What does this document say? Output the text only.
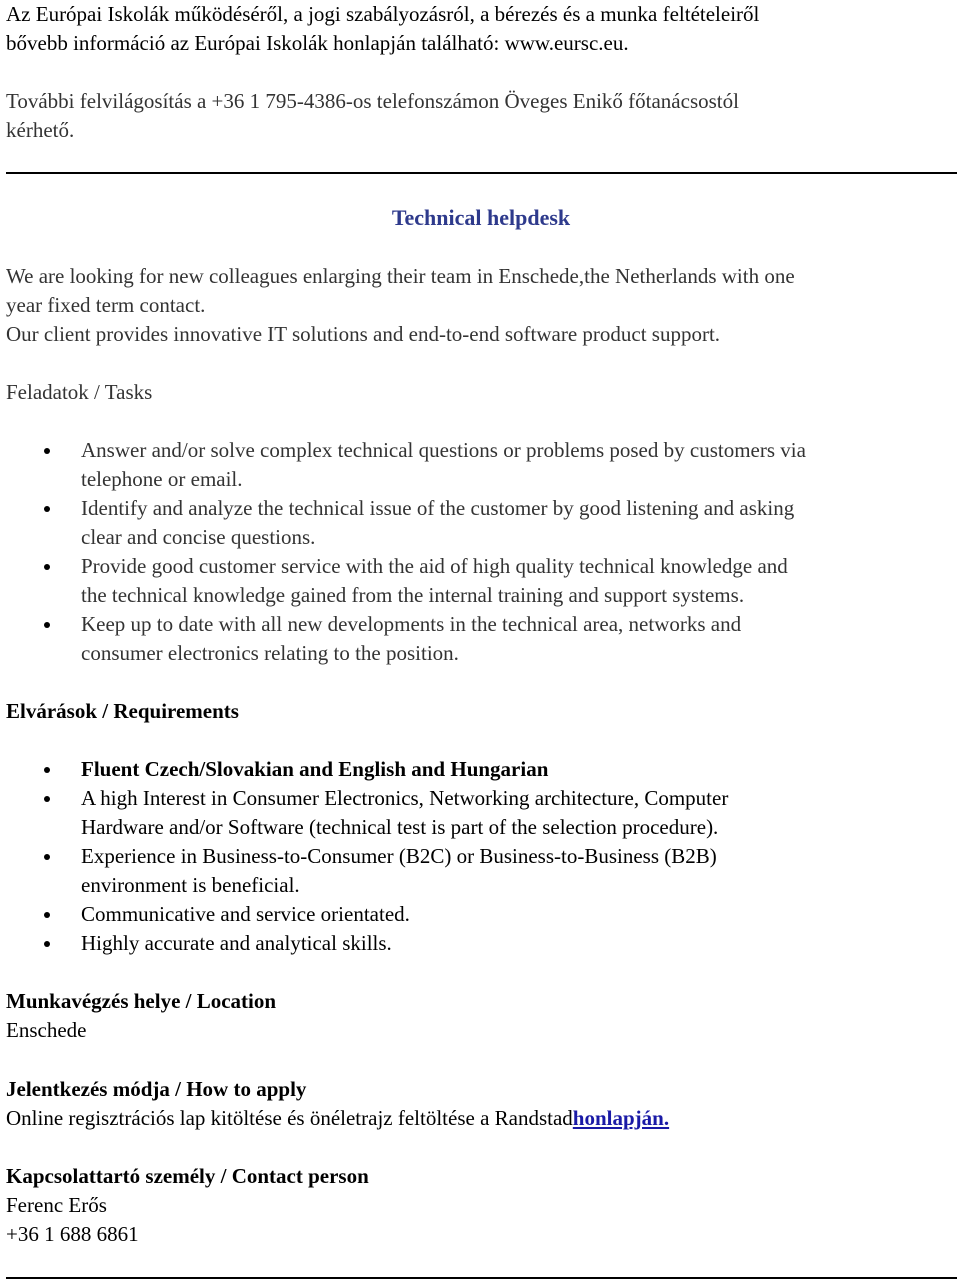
Az Európai Iskolák működéséről, a jogi szabályozásról, a bérezés és a munka feltételeiről
bővebb információ az Európai Iskolák honlapján található: www.eursc.eu.
További felvilágosítás a +36 1 795-4386-os telefonszámon Öveges Enikő főtanácsostól
kérhető.
Technical helpdesk
We are looking for new colleagues enlarging their team in Enschede,the Netherlands with one
year fixed term contact.
Our client provides innovative IT solutions and end-to-end software product support.
Feladatok / Tasks
Answer and/or solve complex technical questions or problems posed by customers via
telephone or email.
Identify and analyze the technical issue of the customer by good listening and asking
clear and concise questions.
Provide good customer service with the aid of high quality technical knowledge and
the technical knowledge gained from the internal training and support systems.
Keep up to date with all new developments in the technical area, networks and
consumer electronics relating to the position.
Elvárások / Requirements
Fluent Czech/Slovakian and English and Hungarian
A high Interest in Consumer Electronics, Networking architecture, Computer
Hardware and/or Software (technical test is part of the selection procedure).
Experience in Business-to-Consumer (B2C) or Business-to-Business (B2B)
environment is beneficial.
Communicative and service orientated.
Highly accurate and analytical skills.
Munkavégzés helye / Location
Enschede
Jelentkezés módja / How to apply
Online regisztrációs lap kitöltése és önéletrajz feltöltése a Randstadhonlapján.
Kapcsolattartó személy / Contact person
Ferenc Erős
+36 1 688 6861
